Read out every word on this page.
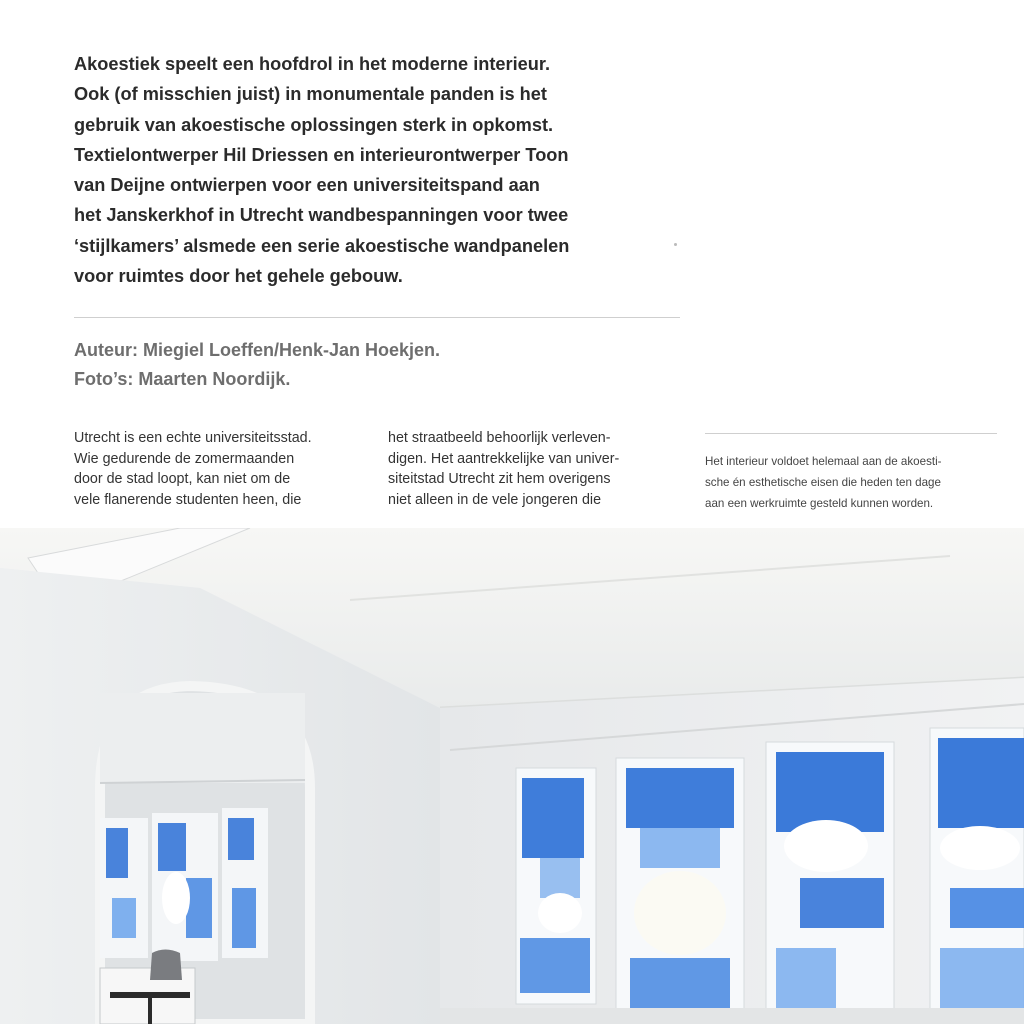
Akoestiek speelt een hoofdrol in het moderne interieur.
Ook (of misschien juist) in monumentale panden is het
gebruik van akoestische oplossingen sterk in opkomst.
Textielontwerper Hil Driessen en interieurontwerper Toon
van Deijne ontwierpen voor een universiteitspand aan
het Janskerkhof in Utrecht wandbespanningen voor twee
‘stijlkamers’ alsmede een serie akoestische wandpanelen
voor ruimtes door het gehele gebouw.
Auteur: Miegiel Loeffen/Henk-Jan Hoekjen.
Foto’s: Maarten Noordijk.
Utrecht is een echte universiteitsstad.
Wie gedurende de zomermaanden
door de stad loopt, kan niet om de
vele flanerende studenten heen, die
het straatbeeld behoorlijk verleven-
digen. Het aantrekkelijke van univer-
siteitstad Utrecht zit hem overigens
niet alleen in de vele jongeren die
Het interieur voldoet helemaal aan de akoesti-
sche én esthetische eisen die heden ten dage
aan een werkruimte gesteld kunnen worden.
